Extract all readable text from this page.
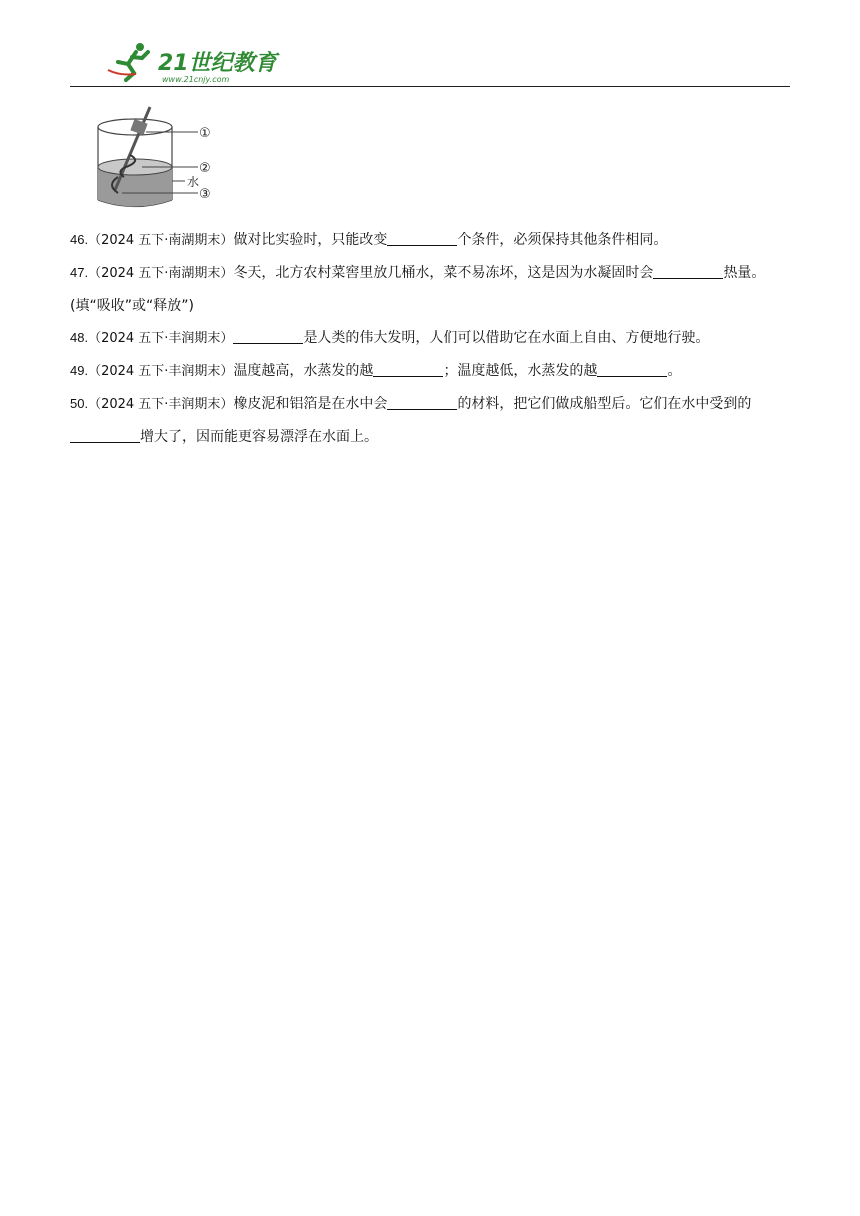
21世纪教育
www.21cnjy.com
①
②
水
③

46.（2024 五下·南湖期末）做对比实验时，只能改变	个条件，必须保持其他条件相同。

47.（2024 五下·南湖期末）冬天，北方农村菜窖里放几桶水，菜不易冻坏，这是因为水凝固时会	热量。(填“吸收”或“释放”)

48.（2024 五下·丰润期末）	是人类的伟大发明，人们可以借助它在水面上自由、方便地行驶。

49.（2024 五下·丰润期末）温度越高，水蒸发的越	；温度越低，水蒸发的越	。

50.（2024 五下·丰润期末）橡皮泥和铝箔是在水中会	的材料，把它们做成船型后。它们在水中受到的增大了，因而能更容易漂浮在水面上。
